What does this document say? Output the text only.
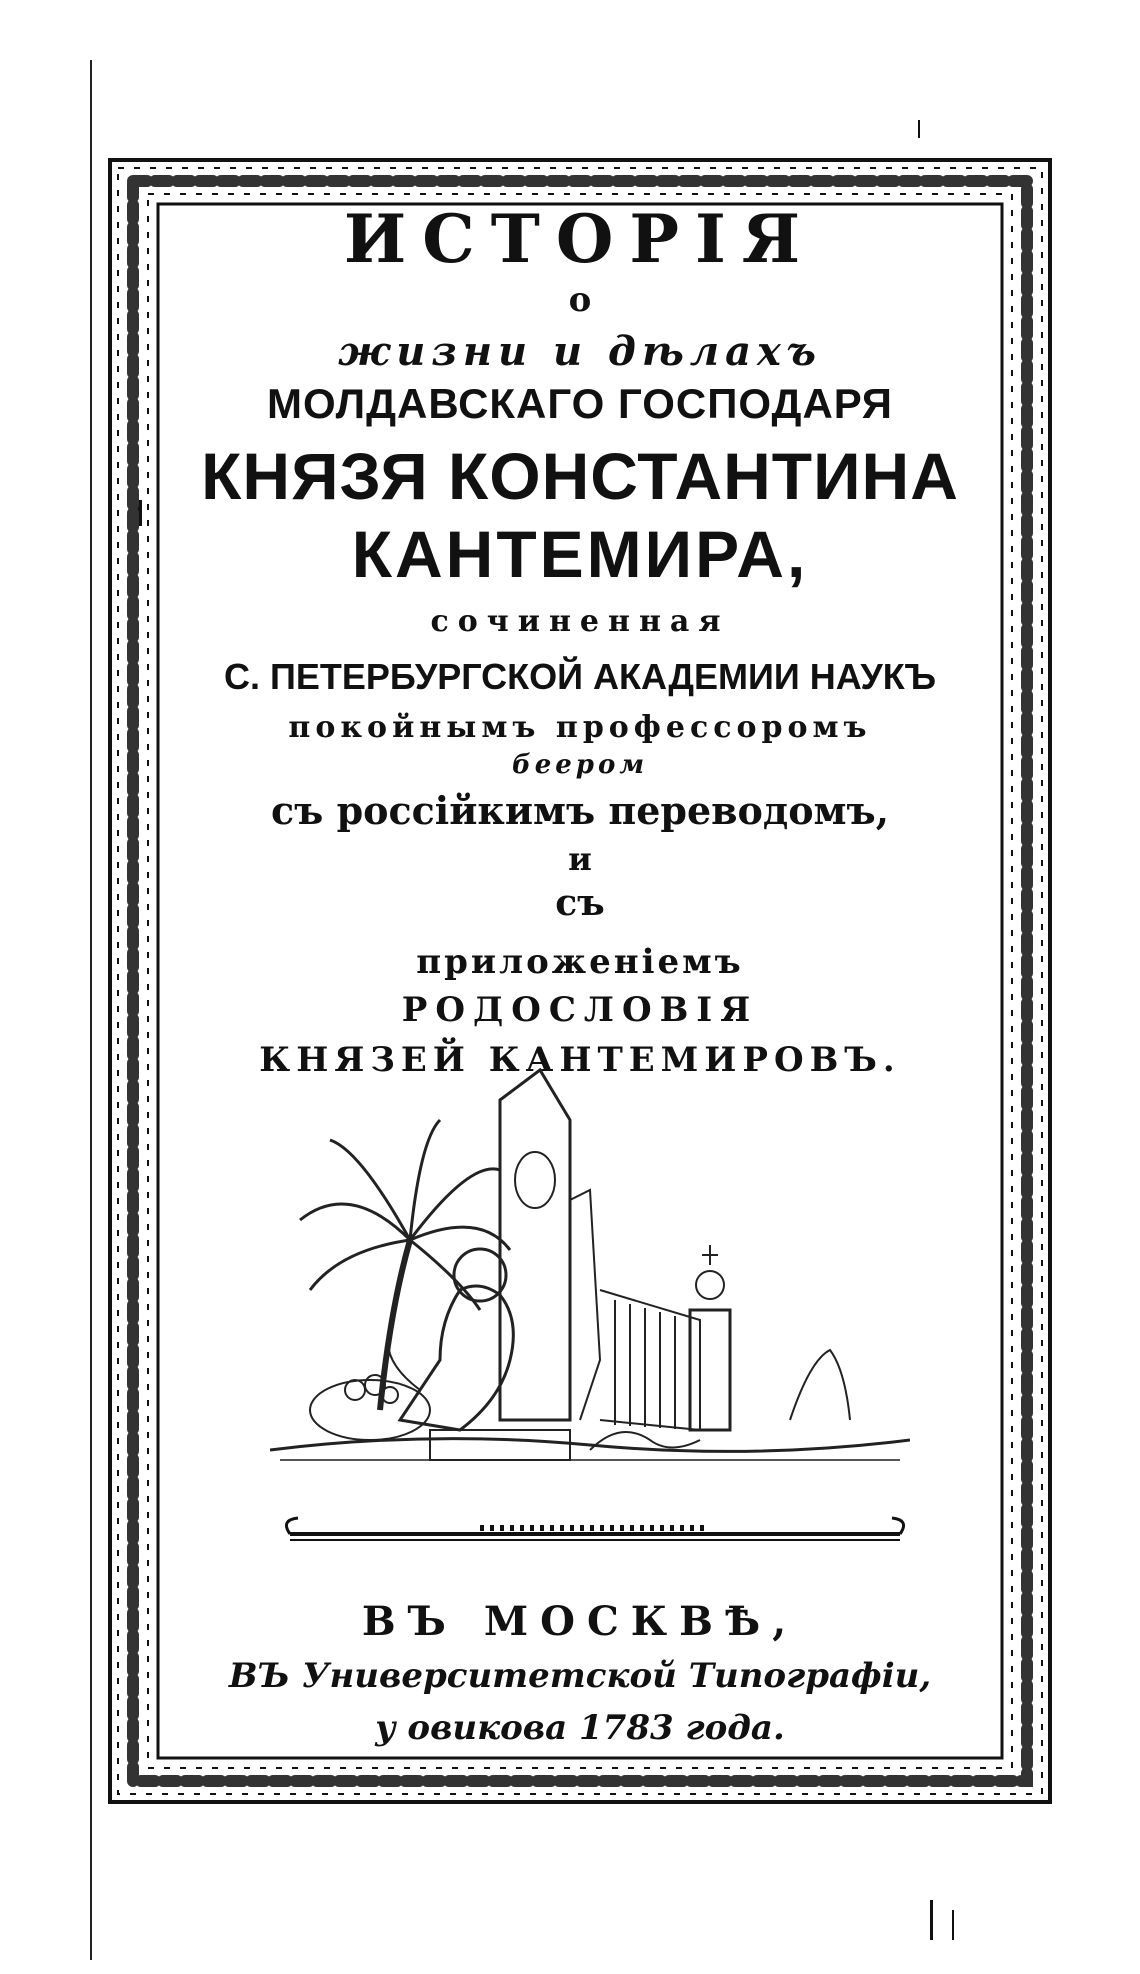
ИСТОРІЯ
о
жизни и дѣлахъ
МОЛДАВСКАГО ГОСПОДАРЯ
КНЯЗЯ КОНСТАНТИНА
КАНТЕМИРА,
сочиненная
С. ПЕТЕРБУРГСКОЙ АКАДЕМИИ НАУКЪ
покойнымъ профессоромъ
беером
съ россійкимъ переводомъ,
и
съ
приложеніемъ
РОДОСЛОВІЯ
КНЯЗЕЙ КАНТЕМИРОВЪ.
ВЪ МОСКВѢ,
ВЪ Университетской Типографіи,
у овикова 1783 года.
